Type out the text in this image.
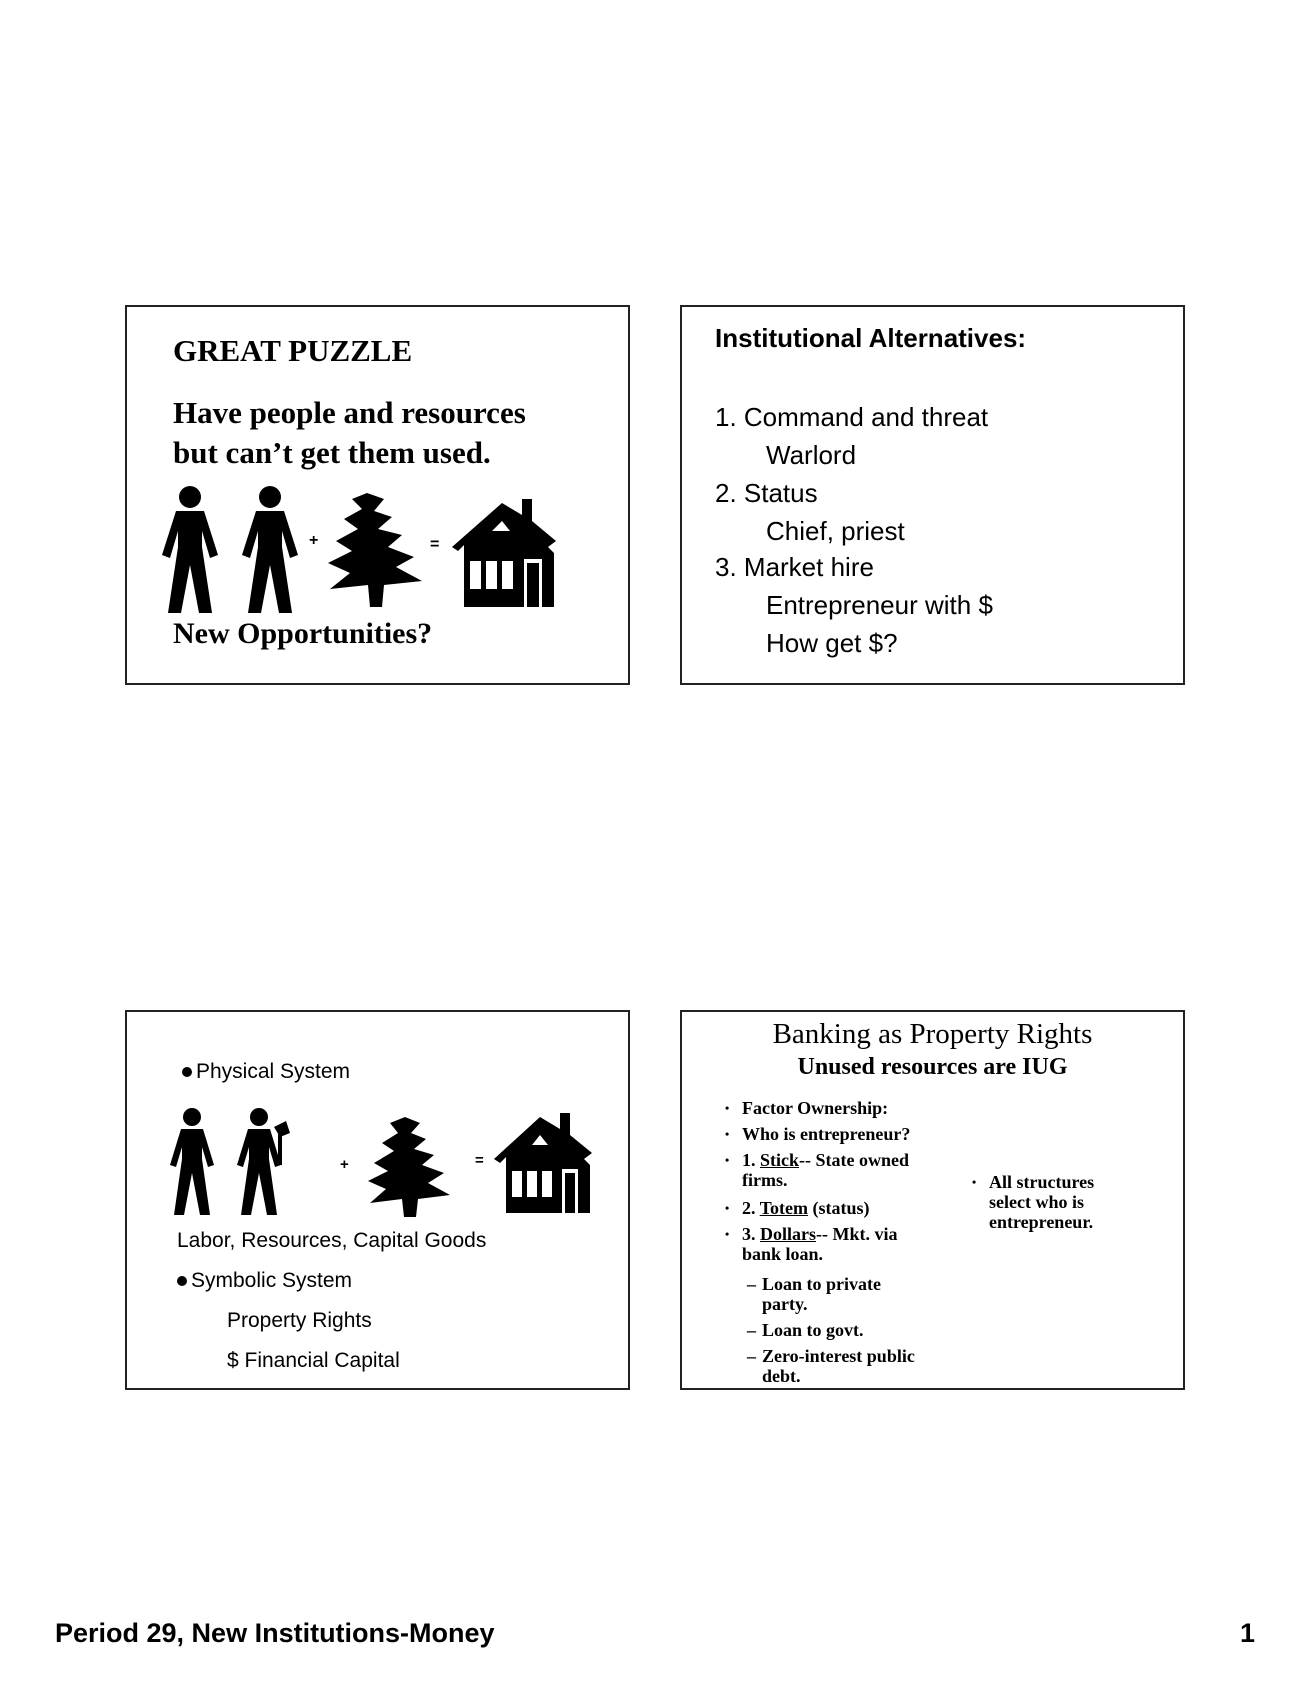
GREAT PUZZLE
Have people and resources
but can’t get them used.
+	=
New Opportunities?
Institutional Alternatives:
1. Command and threat
Warlord
2. Status
Chief, priest
3. Market hire
Entrepreneur with $
How get $?
Physical System
+	=
Labor, Resources, Capital Goods
Symbolic System
Property Rights
$ Financial Capital
Banking as Property Rights
Unused resources are IUG
• Factor Ownership:
• Who is entrepreneur?
• 1. Stick-- State owned firms.
• 2. Totem (status)
• 3. Dollars-- Mkt. via bank loan.
– Loan to private party.
– Loan to govt.
– Zero-interest public debt.
• All structures select who is entrepreneur.
Period 29, New Institutions-Money	1
